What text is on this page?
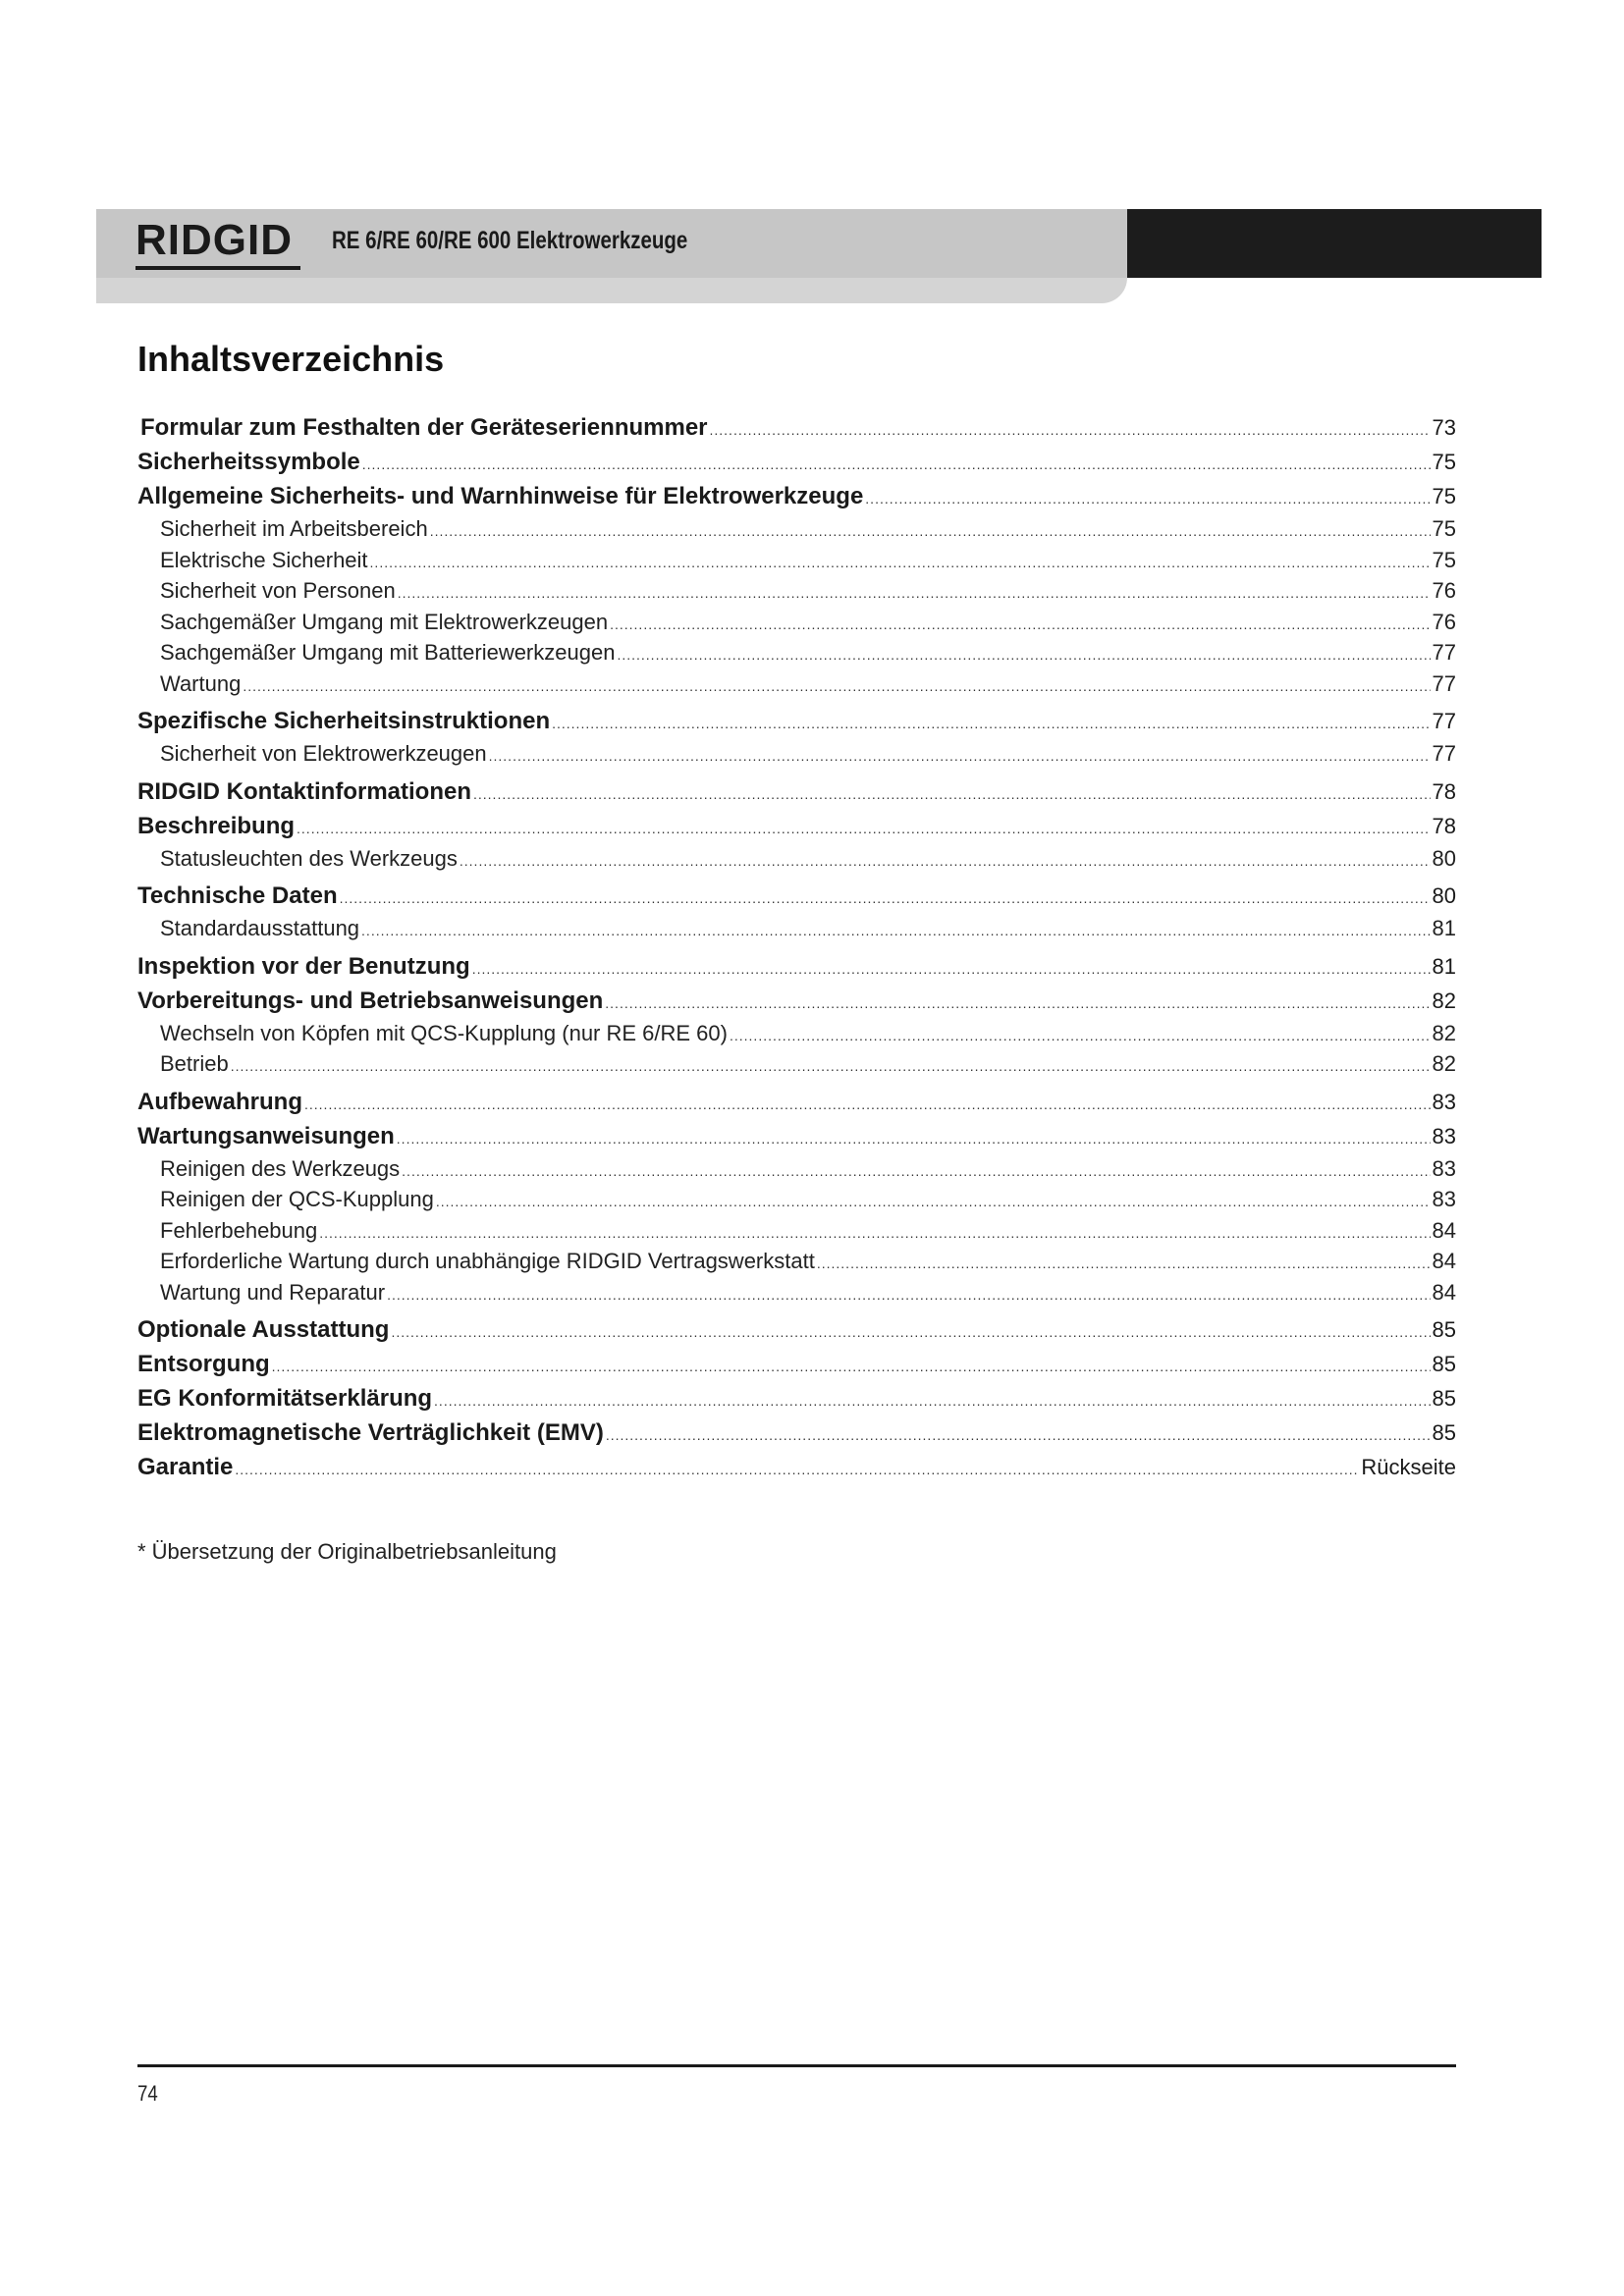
RIDGID	RE 6/RE 60/RE 600 Elektrowerkzeuge
Inhaltsverzeichnis
Formular zum Festhalten der Geräteseriennummer .....	73
Sicherheitssymbole .....	75
Allgemeine Sicherheits- und Warnhinweise für Elektrowerkzeuge .....	75
Sicherheit im Arbeitsbereich .....	75
Elektrische Sicherheit .....	75
Sicherheit von Personen .....	76
Sachgemäßer Umgang mit Elektrowerkzeugen .....	76
Sachgemäßer Umgang mit Batteriewerkzeugen .....	77
Wartung .....	77
Spezifische Sicherheitsinstruktionen .....	77
Sicherheit von Elektrowerkzeugen .....	77
RIDGID Kontaktinformationen .....	78
Beschreibung .....	78
Statusleuchten des Werkzeugs .....	80
Technische Daten .....	80
Standardausstattung .....	81
Inspektion vor der Benutzung .....	81
Vorbereitungs- und Betriebsanweisungen .....	82
Wechseln von Köpfen mit QCS-Kupplung (nur RE 6/RE 60) .....	82
Betrieb .....	82
Aufbewahrung .....	83
Wartungsanweisungen .....	83
Reinigen des Werkzeugs .....	83
Reinigen der QCS-Kupplung .....	83
Fehlerbehebung .....	84
Erforderliche Wartung durch unabhängige RIDGID Vertragswerkstatt .....	84
Wartung und Reparatur .....	84
Optionale Ausstattung .....	85
Entsorgung .....	85
EG Konformitätserklärung .....	85
Elektromagnetische Verträglichkeit (EMV) .....	85
Garantie .....	Rückseite
* Übersetzung der Originalbetriebsanleitung
74
